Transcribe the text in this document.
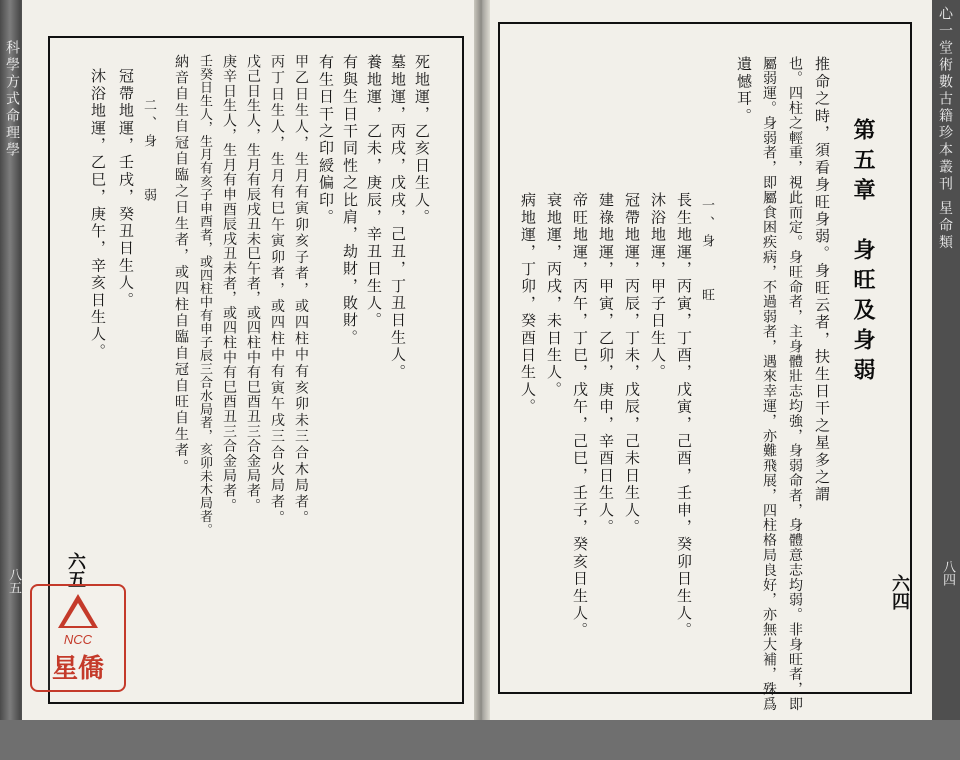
科學方式命理學
八五
心一堂術數古籍珍本叢刊 星命類
八四
第五章　身旺及身弱
推命之時，須看身旺身弱。身旺云者，扶生日干之星多之謂
也。四柱之輕重，視此而定。身旺命者，主身體壯志均強，身弱命者，身體意志均弱。非身旺者，即
屬弱運。身弱者，即屬食困疾病，不過弱者，遇來幸運，亦難飛展，四柱格局良好，亦無大補，殊爲
遺憾耳。
一、身　　旺
長生地運，丙寅，丁酉，戊寅，己酉，壬申，癸卯日生人。
沐浴地運，甲子日生人。
冠帶地運，丙辰，丁未，戊辰，己未日生人。
建祿地運，甲寅，乙卯，庚申，辛酉日生人。
帝旺地運，丙午，丁巳，戊午，己巳，壬子，癸亥日生人。
衰地運，丙戌，未日生人。
病地運，丁卯，癸酉日生人。
六四
死地運，乙亥日生人。
墓地運，丙戌，戊戌，己丑，丁丑日生人。
養地運，乙未，庚辰，辛丑日生人。
有與生日干同性之比肩，劫財，敗財。
有生日干之印綬偏印。
甲乙日生人，生月有寅卯亥子者，或四柱中有亥卯未三合木局者。
丙丁日生人，生月有巳午寅卯者，或四柱中有寅午戌三合火局者。
戊己日生人，生月有辰戌丑未巳午者，或四柱中有巳酉丑三合金局者。
庚辛日生人，生月有申酉辰戌丑未者，或四柱中有巳酉丑三合金局者。
壬癸日生人，生月有亥子申酉者，或四柱中有申子辰三合水局者，亥卯未木局者。
納音自生自冠自臨之日生者，或四柱自臨自冠自旺自生者。
二、身　　弱
冠帶地運，壬戌，癸丑日生人。
沐浴地運，乙巳，庚午，辛亥日生人。
六五
NCC
星僑
